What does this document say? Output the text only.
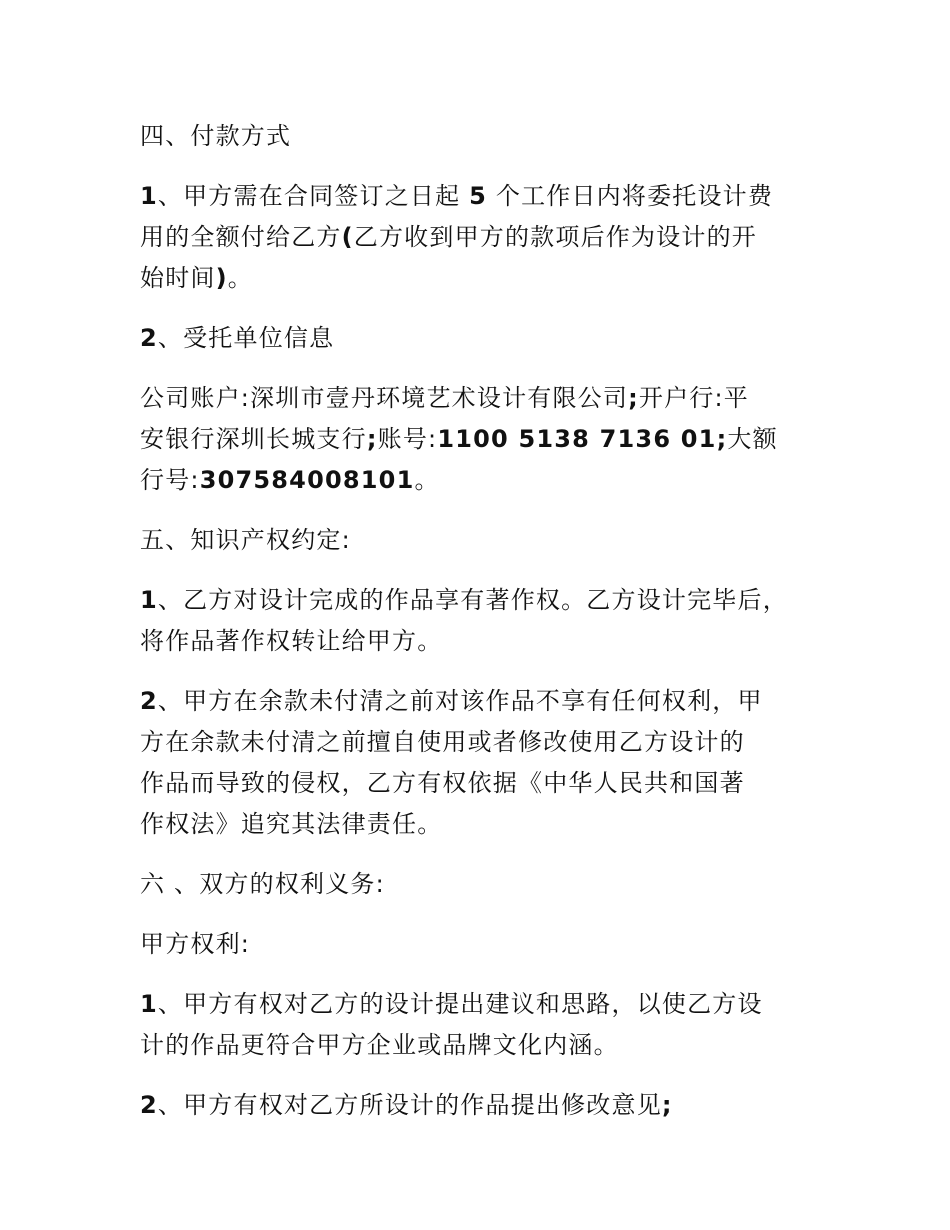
四、付款方式
1、甲方需在合同签订之日起 5 个工作日内将委托设计费
用的全额付给乙方(乙方收到甲方的款项后作为设计的开
始时间)。
2、受托单位信息
公司账户:深圳市壹丹环境艺术设计有限公司;开户行:平
安银行深圳长城支行;账号:1100 5138 7136 01;大额
行号:307584008101。
五、知识产权约定:
1、乙方对设计完成的作品享有著作权。乙方设计完毕后，
将作品著作权转让给甲方。
2、甲方在余款未付清之前对该作品不享有任何权利，甲
方在余款未付清之前擅自使用或者修改使用乙方设计的
作品而导致的侵权，乙方有权依据《中华人民共和国著
作权法》追究其法律责任。
六 、双方的权利义务:
甲方权利:
1、甲方有权对乙方的设计提出建议和思路，以使乙方设
计的作品更符合甲方企业或品牌文化内涵。
2、甲方有权对乙方所设计的作品提出修改意见;
